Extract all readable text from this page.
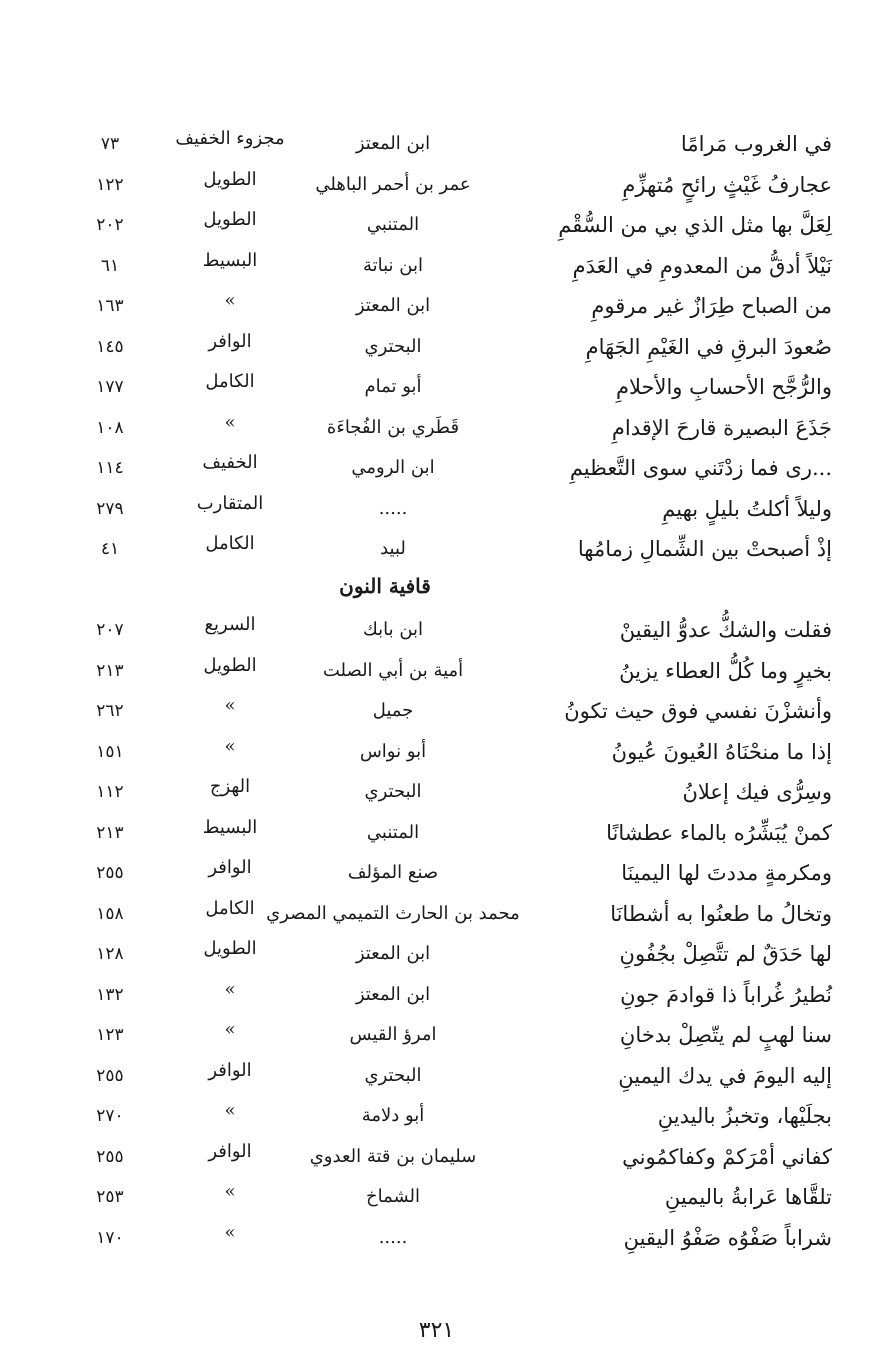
في الغروب مَرامًا
ابن المعتز
مجزوء الخفيف
٧٣
عجارفُ غَيْثٍ رائحٍ مُتهزِّمِ
عمر بن أحمر الباهلي
الطويل
١٢٢
لِعَلَّ بها مثل الذي بي من السُّقْمِ
المتنبي
الطويل
٢٠٢
نَيْلاً أدقُّ من المعدومِ في العَدَمِ
ابن نباتة
البسيط
٦١
من الصباح طِرَازٌ غير مرقومِ
ابن المعتز
»
١٦٣
صُعودَ البرقِ في الغَيْمِ الجَهَامِ
البحتري
الوافر
١٤٥
والرُّجَّح الأحسابِ والأحلامِ
أبو تمام
الكامل
١٧٧
جَذَعَ البصيرة قارحَ الإقدامِ
قَطَري بن الفُجاءَة
»
١٠٨
...رى فما زدْتَني سوى التَّعظيمِ
ابن الرومي
الخفيف
١١٤
وليلاً أكلتُ بليلٍ بهيمِ
.....
المتقارب
٢٧٩
إذْ أصبحتْ بين الشِّمالِ زمامُها
لبيد
الكامل
٤١
قافية النون
فقلت والشكُّ عدوُّ اليقينْ
ابن بابك
السريع
٢٠٧
بخيرٍ وما كُلُّ العطاء يزينُ
أمية بن أبي الصلت
الطويل
٢١٣
وأنشزْنَ نفسي فوق حيث تكونُ
جميل
»
٢٦٢
إذا ما منحْنَاهُ العُيونَ عُيونُ
أبو نواس
»
١٥١
وسِرُّى فيك إعلانُ
البحتري
الهزج
١١٢
كمنْ يُبَشِّرُه بالماء عطشانًا
المتنبي
البسيط
٢١٣
ومكرمةٍ مددتَ لها اليمينَا
صنع المؤلف
الوافر
٢٥٥
وتخالُ ما طعنُوا به أشطانَا
محمد بن الحارث التميمي المصري
الكامل
١٥٨
لها حَدَقٌ لم تتَّصِلْ بجُفُونِ
ابن المعتز
الطويل
١٢٨
نُطيرُ غُراباً ذا قوادمَ جونِ
ابن المعتز
»
١٣٢
سنا لهبٍ لم يتّصِلْ بدخانِ
امرؤ القيس
»
١٢٣
إليه اليومَ في يدك اليمينِ
البحتري
الوافر
٢٥٥
بجلَيْها، وتخبزُ باليدينِ
أبو دلامة
»
٢٧٠
كفاني أمْرَكمْ وكفاكمُوني
سليمان بن قتة العدوي
الوافر
٢٥٥
تلقَّاها عَرابةُ باليمينِ
الشماخ
»
٢٥٣
شراباً صَفْوُه صَفْوُ اليقينِ
.....
»
١٧٠
٣٢١
